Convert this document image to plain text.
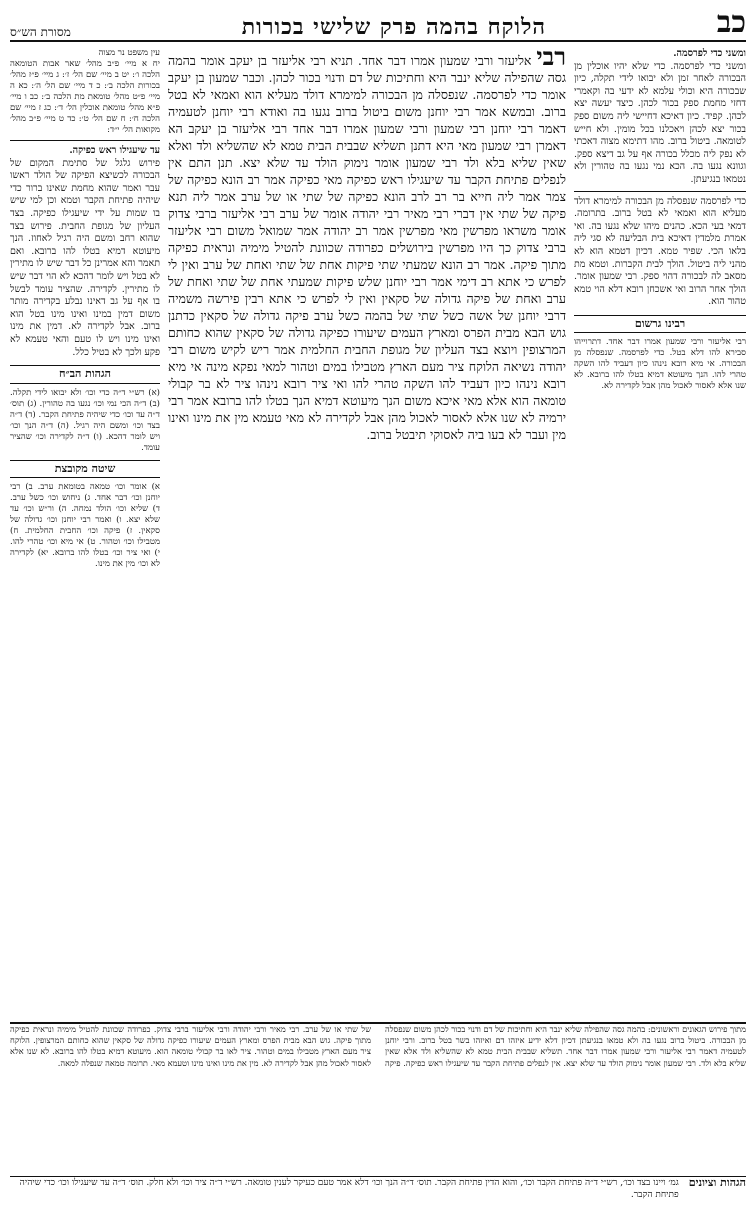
כב
הלוקח בהמה פרק שלישי בכורות
מסורת הש״ס
ומשני כדי לפרסמה.
ומשני כדי לפרסמה. כדי שלא יהיו אוכלין מן הבכורה לאחר זמן ולא יבואו לידי תקלה, כיון שבכורה היא וכולי עלמא לא ידעי בה וקאמרי דחזי מחמת ספק בכור לכהן. כיצד יעשה יצא לכהן. קפיד. כיון דאיכא דחיישי ליה משום ספק בכור יצא לכהן ויאכלנו בכל מומין. ולא חייש לטומאה. ביטול ברוב. מהו דתימא מצוה דאכתי לא נפק ליה מכלל בכורה אף על גב דיצא ספק. וגוונא נגעו בה. הכא נמי נגעו בה טהורין ולא נטמאו בנגיעתן.
כדי לפרסמה שנפסלה מן הבכורה למימרא דולד מעליא הוא ואמאי לא בטל ברוב. בתרומה. דמאי בעי הכא. כהנים מיהו שלא נגעו בה. ואי אמרת מלמדין דאיכא בית הבליעה לא סגי ליה בלאו הכי. שפיר טמא. דכיון דטמא הוא לא מהני ליה ביטול. הולך לבית הקברות. וטמא מת מסאב לה לבכורה דהוי ספק. רבי שמעון אומר. הולך אחר הרוב ואי אשכחן רובא דלא הוי טמא טהור הוא.
רבינו גרשום
רבי אליעזר ורבי שמעון אמרו דבר אחד. דתרוייהו סבירא להו דלא בטל. כדי לפרסמה. שנפסלה מן הבכורה. אי מיא רובא נינהו כיון דעביד להו השקה טהרי להו. הנך מיעוטא דמיא בטלו להו ברובא. לא שנו אלא לאסור לאכול מהן אבל לקדירה לא.
עין משפט נר מצוה
יח א מיי׳ פ״ב מהל׳ שאר אבות הטומאה הלכה ו׳: יט ב מיי׳ שם הל׳ ז׳: ג מיי׳ פ״ז מהל׳ בכורות הלכה ב׳: כ ד מיי׳ שם הל׳ ה׳: כא ה מיי׳ פ״ט מהל׳ טומאת מת הלכה ב׳: כב ו מיי׳ פ״א מהל׳ טומאת אוכלין הל׳ ד׳: כג ז מיי׳ שם הלכה ח׳: ח שם הל׳ ט׳: כד ט מיי׳ פ״ב מהל׳ מקואות הל׳ י״ד:
עד שיעגילו ראש כפיקה.
פירוש גלגל של סתימת המקום של הבכורה לכשיצא הפיקה של הולד ראשו עבר ואמר שהוא מחמת שאינו ברור כדי שיהיה פתיחת הקבר וטמא וכן למי שיש בו שמות על ידי שיעגילו כפיקה. בצד העליון של מגופת החבית. פירוש בצד שהוא רחב ומשם היה רגיל לאחוז. הנך מיעוטא דמיא בטלו להו ברובא. ואם תאמר והא אמרינן כל דבר שיש לו מתירין לא בטל ויש לומר דהכא לא הוי דבר שיש לו מתירין. לקדירה. שהציר עומד לבשל בו אף על גב דאינו נבלע בקדירה מותר משום דמין במינו ואינו מינו בטל הוא ברוב. אבל לקדירה לא. דמין את מינו ואינו מינו ויש לו טעם והאי טעמא לא פקע ולכך לא בטיל כלל.
הגהות הב״ח
(א) רש״י ד״ה כדי וכו׳ ולא יבואו לידי תקלה. (ב) ד״ה הכי נמי וכו׳ נגעו בה טהורין. (ג) תוס׳ ד״ה עד וכו׳ כדי שיהיה פתיחת הקבר. (ד) ד״ה בצד וכו׳ ומשם היה רגיל. (ה) ד״ה הנך וכו׳ ויש לומר דהכא. (ו) ד״ה לקדירה וכו׳ שהציר עומד.
שיטה מקובצת
א) אומר וכו׳ טמאה בטומאת ערב. ב) רבי יוחנן וכו׳ דבר אחד. ג) ניחוש וכו׳ כשל ערב. ד) שליא וכו׳ הולד נמחה. ה) ור״ש וכו׳ עד שלא יצא. ו) ואמר רבי יוחנן וכו׳ גדולה של סקאין. ז) פיקה וכו׳ החבית החלמית. ח) מטבילו וכו׳ וטהור. ט) אי מיא וכו׳ טהרי להו. י) ואי ציר וכו׳ בטלו להו ברובא. יא) לקדירה לא וכו׳ מין את מינו.
רבי אליעזר ורבי שמעון אמרו דבר אחד. תניא רבי אליעזר בן יעקב אומר בהמה גסה שהפילה שליא ינבר היא וחתיכות של דם ודנוי בכור לכהן. וכבר שמעון בן יעקב אומר כדי לפרסמה. שנפסלה מן הבכורה למימרא דולד מעליא הוא ואמאי לא בטל ברוב. ובמשא אמר רבי יוחנן משום ביטול ברוב נגעו בה ואודא רבי יוחנן לטעמיה דאמר רבי יוחנן רבי שמעון ורבי שמעון אמרו דבר אחד רבי אליעזר בן יעקב הא דאמרן רבי שמעון מאי היא דתנן תשליא שבבית הבית טמא לא שהשליא ולד ואלא שאין שליא בלא ולד רבי שמעון אומר נימוק הולד עד שלא יצא. תנן התם אין לנפלים פתיחת הקבר עד שיעגילו ראש כפיקה מאי כפיקה אמר רב הונא כפיקה של צמר אמר ליה חייא בר רב לרב הונא כפיקה של שתי או של ערב אמר ליה תנא פיקה של שתי אין דברי רבי מאיר רבי יהודה אומר של ערב רבי אליעזר ברבי צדוק אומר משראו מפרשין מאי מפרשין אמר רב יהודה אמר שמואל משום רבי אליעזר ברבי צדוק כך היו מפרשין בירושלים כפרודה שכוונת להטיל מימיה ונראית כפיקה מתוך פיקה. אמר רב הונא שמעתי שתי פיקות אחת של שתי ואחת של ערב ואין לי לפרש כי אתא רב דימי אמר רבי יוחנן שלש פיקות שמעתי אחת של שתי ואחת של ערב ואחת של פיקה גדולה של סקאין ואין לי לפרש כי אתא רבין פירשה משמיה דרבי יוחנן של אשה כשל שתי של בהמה כשל ערב פיקה גדולה של סקאין כדתנן גוש הבא מבית הפרס ומארץ העמים שיעורו כפיקה גדולה של סקאין שהוא כחותם המרצופין ויוצא בצד העליון של מגופת החבית החלמית אמר ריש לקיש משום רבי יהודה נשיאה הלוקח ציר מעם הארץ מטבילו במים וטהור למאי נפקא מינה אי מיא רובא נינהו כיון דעביד להו השקה טהרי להו ואי ציר רובא נינהו ציר לא בר קבולי טומאה הוא אלא מאי איכא משום הנך מיעוטא דמיא הנך בטלו להו ברובא אמר רבי ירמיה לא שנו אלא לאסור לאכול מהן אבל לקדירה לא מאי טעמא מין את מינו ואינו מין ועבר לא בעו ביה לאסוקי תיבטל ברוב.
מתוך פירוש הגאונים וראשונים: בהמה גסה שהפילה שליא ינבר היא וחתיכות של דם ודנוי בכור לכהן משום שנפסלה מן הבכורה. ביטול ברוב נגעו בה ולא טמאו בנגיעתן דכיון דלא ידיע איזהו דם ואיזהו בשר בטל ברוב. ורבי יוחנן לטעמיה דאמר רבי אליעזר ורבי שמעון אמרו דבר אחד. תשליא שבבית הבית טמא לא שהשליא ולד אלא שאין שליא בלא ולד. רבי שמעון אומר נימוק הולד עד שלא יצא. אין לנפלים פתיחת הקבר עד שיעגילו ראש כפיקה. פיקה של שתי או של ערב. רבי מאיר ורבי יהודה ורבי אליעזר ברבי צדוק. כפרודה שכוונת להטיל מימיה ונראית כפיקה מתוך פיקה. גוש הבא מבית הפרס ומארץ העמים שיעורו כפיקה גדולה של סקאין שהוא כחותם המרצופין. הלוקח ציר מעם הארץ מטבילו במים וטהור. ציר לאו בר קבולי טומאה הוא. מיעוטא דמיא בטלו להו ברובא. לא שנו אלא לאסור לאכול מהן אבל לקדירה לא. מין את מינו ואינו מינו וטעמא מאי. תרומה טמאה שנפלה למאה.
הגהות וציונים
גמ׳ ויינו בצד וכו׳, רש״י ד״ה פתיחת הקבר וכו׳, והוא הדין פתיחת הקבר. תוס׳ ד״ה הנך וכו׳ דלא אמר טעם כעיקר לענין טומאה. רש״י ד״ה ציר וכו׳ ולא חלק. תוס׳ ד״ה עד שיעגילו וכו׳ כדי שיהיה פתיחת הקבר.
